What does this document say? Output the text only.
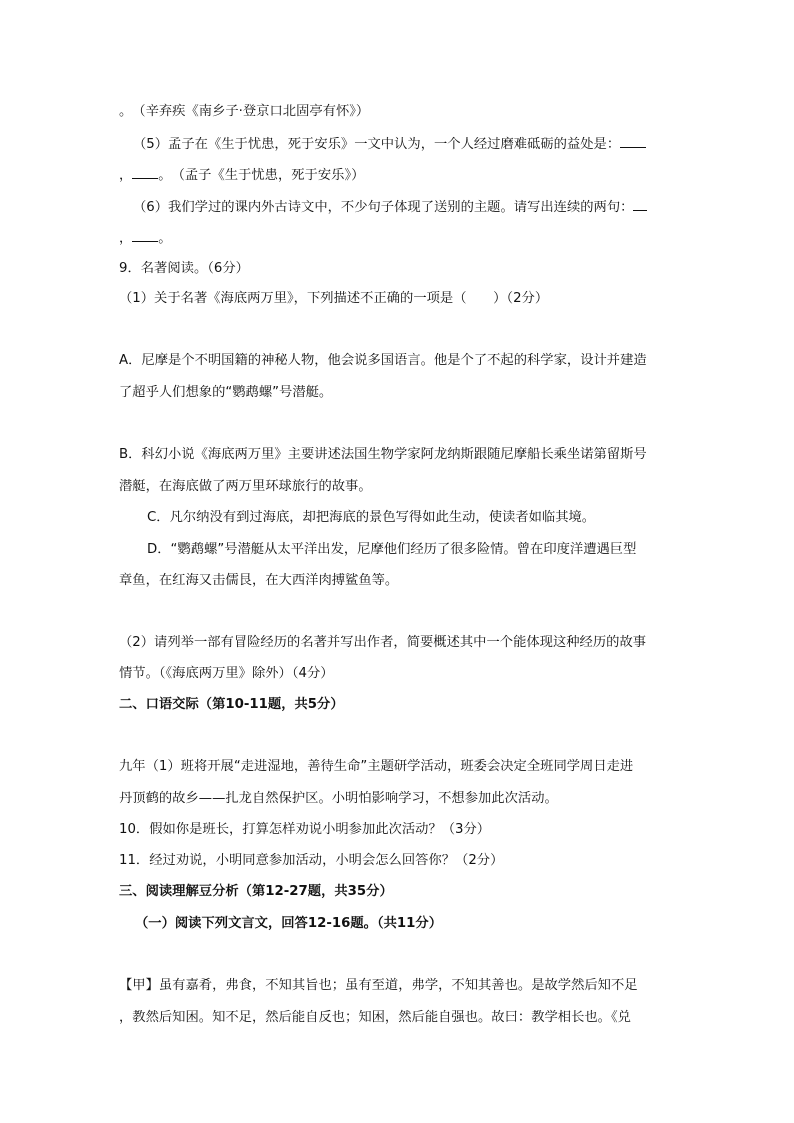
。　（辛弃疾《南乡子·登京口北固亭有怀》）
（5）孟子在《生于忧患，死于安乐》一文中认为，一个人经过磨难砥砺的益处是：
， 。　（孟子《生于忧患，死于安乐》）
（6）我们学过的课内外古诗文中，不少句子体现了送别的主题。请写出连续的两句：
， 。
9．名著阅读。（6分）
（1）关于名著《海底两万里》，下列描述不正确的一项是（　　）（2分）
A．尼摩是个不明国籍的神秘人物，他会说多国语言。他是个了不起的科学家，设计并建造
了超乎人们想象的“鹦鹉螺”号潜艇。
B．科幻小说《海底两万里》主要讲述法国生物学家阿龙纳斯跟随尼摩船长乘坐诺第留斯号
潜艇，在海底做了两万里环球旅行的故事。
C．凡尔纳没有到过海底，却把海底的景色写得如此生动，使读者如临其境。
D．“鹦鹉螺”号潜艇从太平洋出发，尼摩他们经历了很多险情。曾在印度洋遭遇巨型
章鱼，在红海又击儒艮，在大西洋肉搏鲨鱼等。
（2）请列举一部有冒险经历的名著并写出作者，简要概述其中一个能体现这种经历的故事
情节。（《海底两万里》除外）（4分）
二、口语交际（第10-11题，共5分）
九年（1）班将开展“走进湿地，善待生命”主题研学活动，班委会决定全班同学周日走进
丹顶鹤的故乡——扎龙自然保护区。小明怕影响学习，不想参加此次活动。
10．假如你是班长，打算怎样劝说小明参加此次活动？（3分）
11．经过劝说，小明同意参加活动，小明会怎么回答你？（2分）
三、阅读理解豆分析（第12-27题，共35分）
（一）阅读下列文言文，回答12-16题。（共11分）
【甲】虽有嘉肴，弗食，不知其旨也；虽有至道，弗学，不知其善也。是故学然后知不足
，教然后知困。知不足，然后能自反也；知困，然后能自强也。故曰：教学相长也。《兑
